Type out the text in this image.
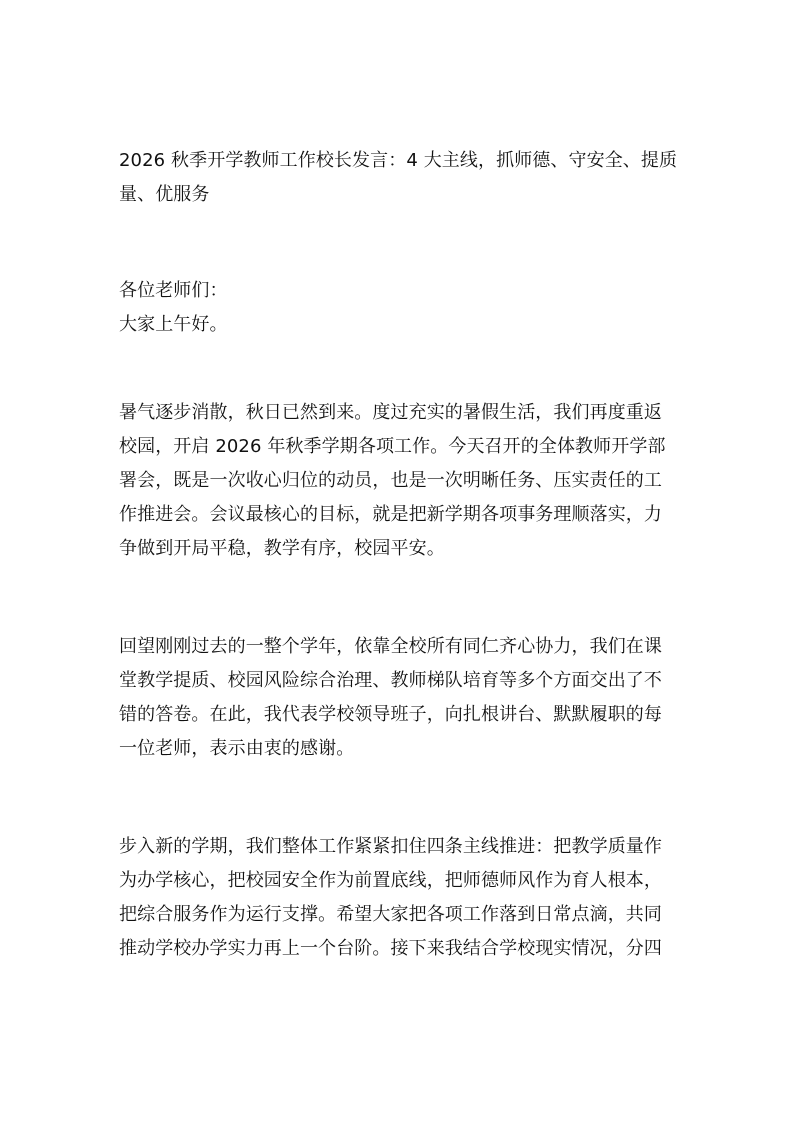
2026 秋季开学教师工作校长发言：4 大主线，抓师德、守安全、提质量、优服务

各位老师们：

大家上午好。

暑气逐步消散，秋日已然到来。度过充实的暑假生活，我们再度重返校园，开启 2026 年秋季学期各项工作。今天召开的全体教师开学部署会，既是一次收心归位的动员，也是一次明晰任务、压实责任的工作推进会。会议最核心的目标，就是把新学期各项事务理顺落实，力争做到开局平稳，教学有序，校园平安。

回望刚刚过去的一整个学年，依靠全校所有同仁齐心协力，我们在课堂教学提质、校园风险综合治理、教师梯队培育等多个方面交出了不错的答卷。在此，我代表学校领导班子，向扎根讲台、默默履职的每一位老师，表示由衷的感谢。

步入新的学期，我们整体工作紧紧扣住四条主线推进：把教学质量作为办学核心，把校园安全作为前置底线，把师德师风作为育人根本，把综合服务作为运行支撑。希望大家把各项工作落到日常点滴，共同推动学校办学实力再上一个台阶。接下来我结合学校现实情况，分四
